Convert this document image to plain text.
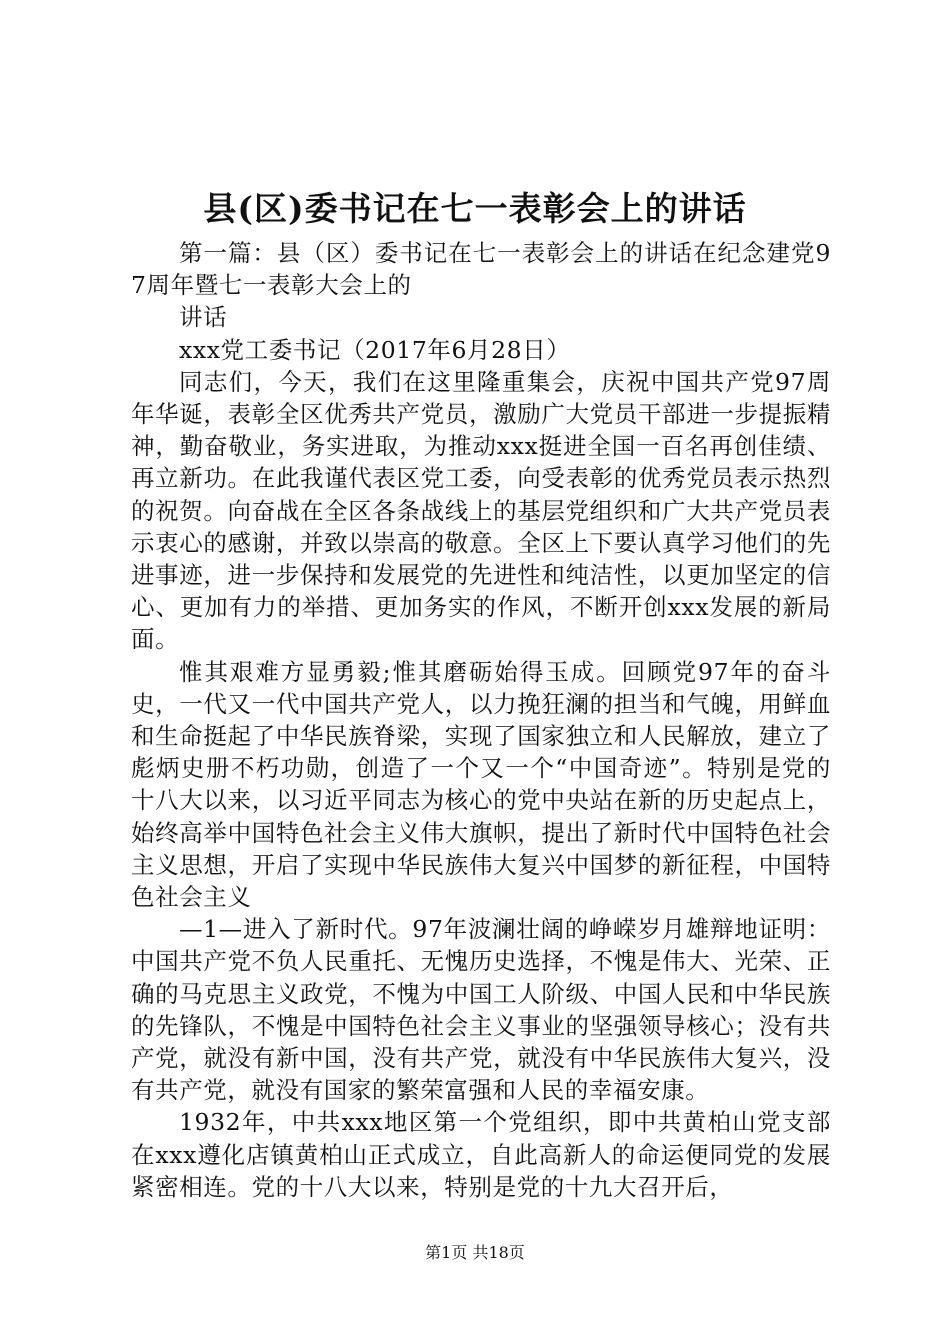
县(区)委书记在七一表彰会上的讲话

第一篇：县（区）委书记在七一表彰会上的讲话在纪念建党97周年暨七一表彰大会上的

讲话

xxx党工委书记（2017年6月28日）

同志们，今天，我们在这里隆重集会，庆祝中国共产党97周年华诞，表彰全区优秀共产党员，激励广大党员干部进一步提振精神，勤奋敬业，务实进取，为推动xxx挺进全国一百名再创佳绩、再立新功。在此我谨代表区党工委，向受表彰的优秀党员表示热烈的祝贺。向奋战在全区各条战线上的基层党组织和广大共产党员表示衷心的感谢，并致以崇高的敬意。全区上下要认真学习他们的先进事迹，进一步保持和发展党的先进性和纯洁性，以更加坚定的信心、更加有力的举措、更加务实的作风，不断开创xxx发展的新局面。

惟其艰难方显勇毅;惟其磨砺始得玉成。回顾党97年的奋斗史，一代又一代中国共产党人，以力挽狂澜的担当和气魄，用鲜血和生命挺起了中华民族脊梁，实现了国家独立和人民解放，建立了彪炳史册不朽功勋，创造了一个又一个“中国奇迹”。特别是党的十八大以来，以习近平同志为核心的党中央站在新的历史起点上，始终高举中国特色社会主义伟大旗帜，提出了新时代中国特色社会主义思想，开启了实现中华民族伟大复兴中国梦的新征程，中国特色社会主义

—1—进入了新时代。97年波澜壮阔的峥嵘岁月雄辩地证明：中国共产党不负人民重托、无愧历史选择，不愧是伟大、光荣、正确的马克思主义政党，不愧为中国工人阶级、中国人民和中华民族的先锋队，不愧是中国特色社会主义事业的坚强领导核心；没有共产党，就没有新中国，没有共产党，就没有中华民族伟大复兴，没有共产党，就没有国家的繁荣富强和人民的幸福安康。

1932年，中共xxx地区第一个党组织，即中共黄柏山党支部在xxx遵化店镇黄柏山正式成立，自此高新人的命运便同党的发展紧密相连。党的十八大以来，特别是党的十九大召开后，

第1页 共18页
